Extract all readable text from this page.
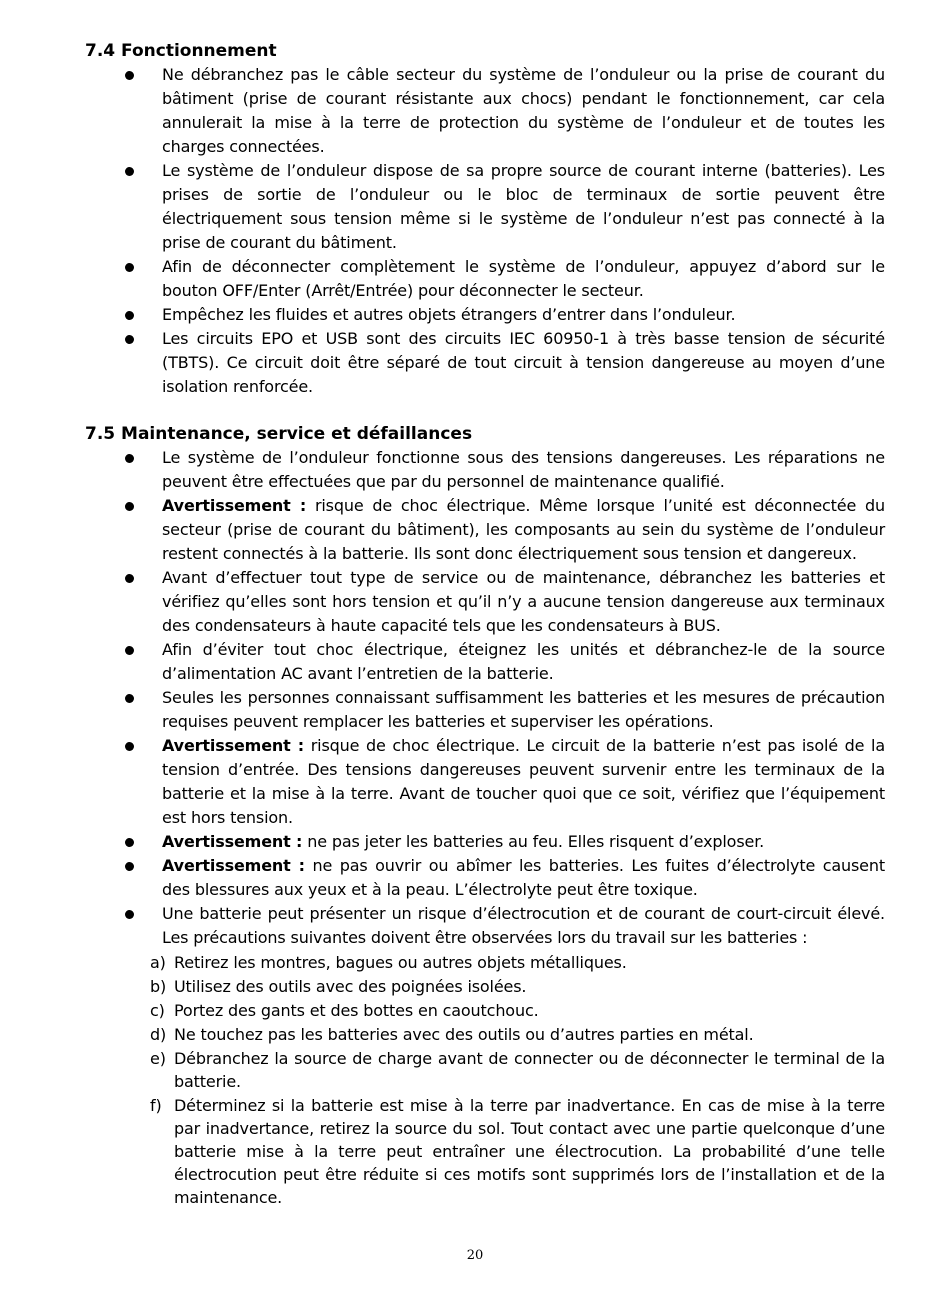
7.4 Fonctionnement
Ne débranchez pas le câble secteur du système de l’onduleur ou la prise de courant du bâtiment (prise de courant résistante aux chocs) pendant le fonctionnement, car cela annulerait la mise à la terre de protection du système de l’onduleur et de toutes les charges connectées.
Le système de l’onduleur dispose de sa propre source de courant interne (batteries). Les prises de sortie de l’onduleur ou le bloc de terminaux de sortie peuvent être électriquement sous tension même si le système de l’onduleur n’est pas connecté à la prise de courant du bâtiment.
Afin de déconnecter complètement le système de l’onduleur, appuyez d’abord sur le bouton OFF/Enter (Arrêt/Entrée) pour déconnecter le secteur.
Empêchez les fluides et autres objets étrangers d’entrer dans l’onduleur.
Les circuits EPO et USB sont des circuits IEC 60950-1 à très basse tension de sécurité (TBTS). Ce circuit doit être séparé de tout circuit à tension dangereuse au moyen d’une isolation renforcée.
7.5 Maintenance, service et défaillances
Le système de l’onduleur fonctionne sous des tensions dangereuses. Les réparations ne peuvent être effectuées que par du personnel de maintenance qualifié.
Avertissement : risque de choc électrique. Même lorsque l’unité est déconnectée du secteur (prise de courant du bâtiment), les composants au sein du système de l’onduleur restent connectés à la batterie. Ils sont donc électriquement sous tension et dangereux.
Avant d’effectuer tout type de service ou de maintenance, débranchez les batteries et vérifiez qu’elles sont hors tension et qu’il n’y a aucune tension dangereuse aux terminaux des condensateurs à haute capacité tels que les condensateurs à BUS.
Afin d’éviter tout choc électrique, éteignez les unités et débranchez-le de la source d’alimentation AC avant l’entretien de la batterie.
Seules les personnes connaissant suffisamment les batteries et les mesures de précaution requises peuvent remplacer les batteries et superviser les opérations.
Avertissement : risque de choc électrique. Le circuit de la batterie n’est pas isolé de la tension d’entrée. Des tensions dangereuses peuvent survenir entre les terminaux de la batterie et la mise à la terre. Avant de toucher quoi que ce soit, vérifiez que l’équipement est hors tension.
Avertissement : ne pas jeter les batteries au feu. Elles risquent d’exploser.
Avertissement : ne pas ouvrir ou abîmer les batteries. Les fuites d’électrolyte causent des blessures aux yeux et à la peau. L’électrolyte peut être toxique.
Une batterie peut présenter un risque d’électrocution et de courant de court-circuit élevé. Les précautions suivantes doivent être observées lors du travail sur les batteries :
a) Retirez les montres, bagues ou autres objets métalliques.
b) Utilisez des outils avec des poignées isolées.
c) Portez des gants et des bottes en caoutchouc.
d) Ne touchez pas les batteries avec des outils ou d’autres parties en métal.
e) Débranchez la source de charge avant de connecter ou de déconnecter le terminal de la batterie.
f) Déterminez si la batterie est mise à la terre par inadvertance. En cas de mise à la terre par inadvertance, retirez la source du sol. Tout contact avec une partie quelconque d’une batterie mise à la terre peut entraîner une électrocution. La probabilité d’une telle électrocution peut être réduite si ces motifs sont supprimés lors de l’installation et de la maintenance.
20
